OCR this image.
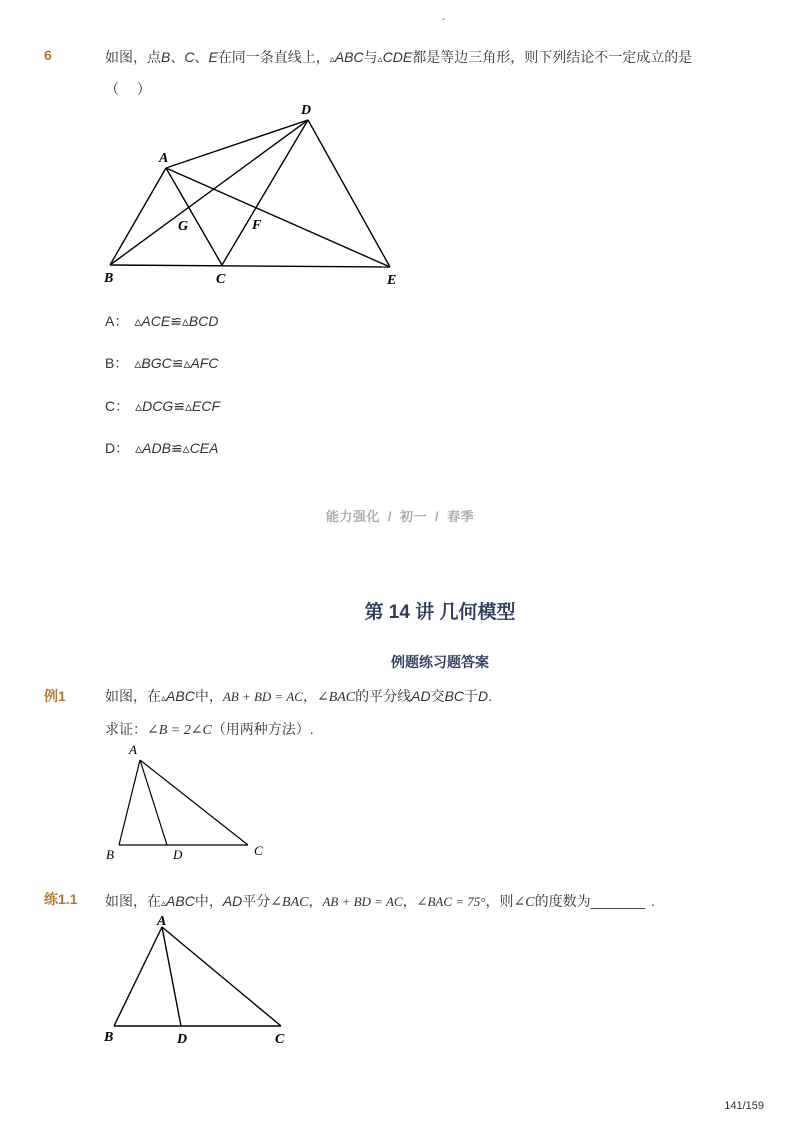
-
6	如图，点B、C、E在同一条直线上，▵ABC与▵CDE都是等边三角形，则下列结论不一定成立的是
（　 ）
A
B	C
D
E
F
G
A： ▵ACE≌▵BCD
B： ▵BGC≌▵AFC
C： ▵DCG≌▵ECF
D： ▵ADB≌▵CEA
能力强化 / 初一 / 春季
第 14 讲 几何模型
例题练习题答案
例1	如图，在▵ABC中，AB + BD = AC，∠BAC的平分线AD交BC于D.
求证：∠B = 2∠C（用两种方法）.
A
B	D	C
练1.1 如图，在▵ABC中，AD平分∠BAC，AB + BD = AC，∠BAC = 75°，则∠C的度数为_______ .
A
B	D	C
141/159
